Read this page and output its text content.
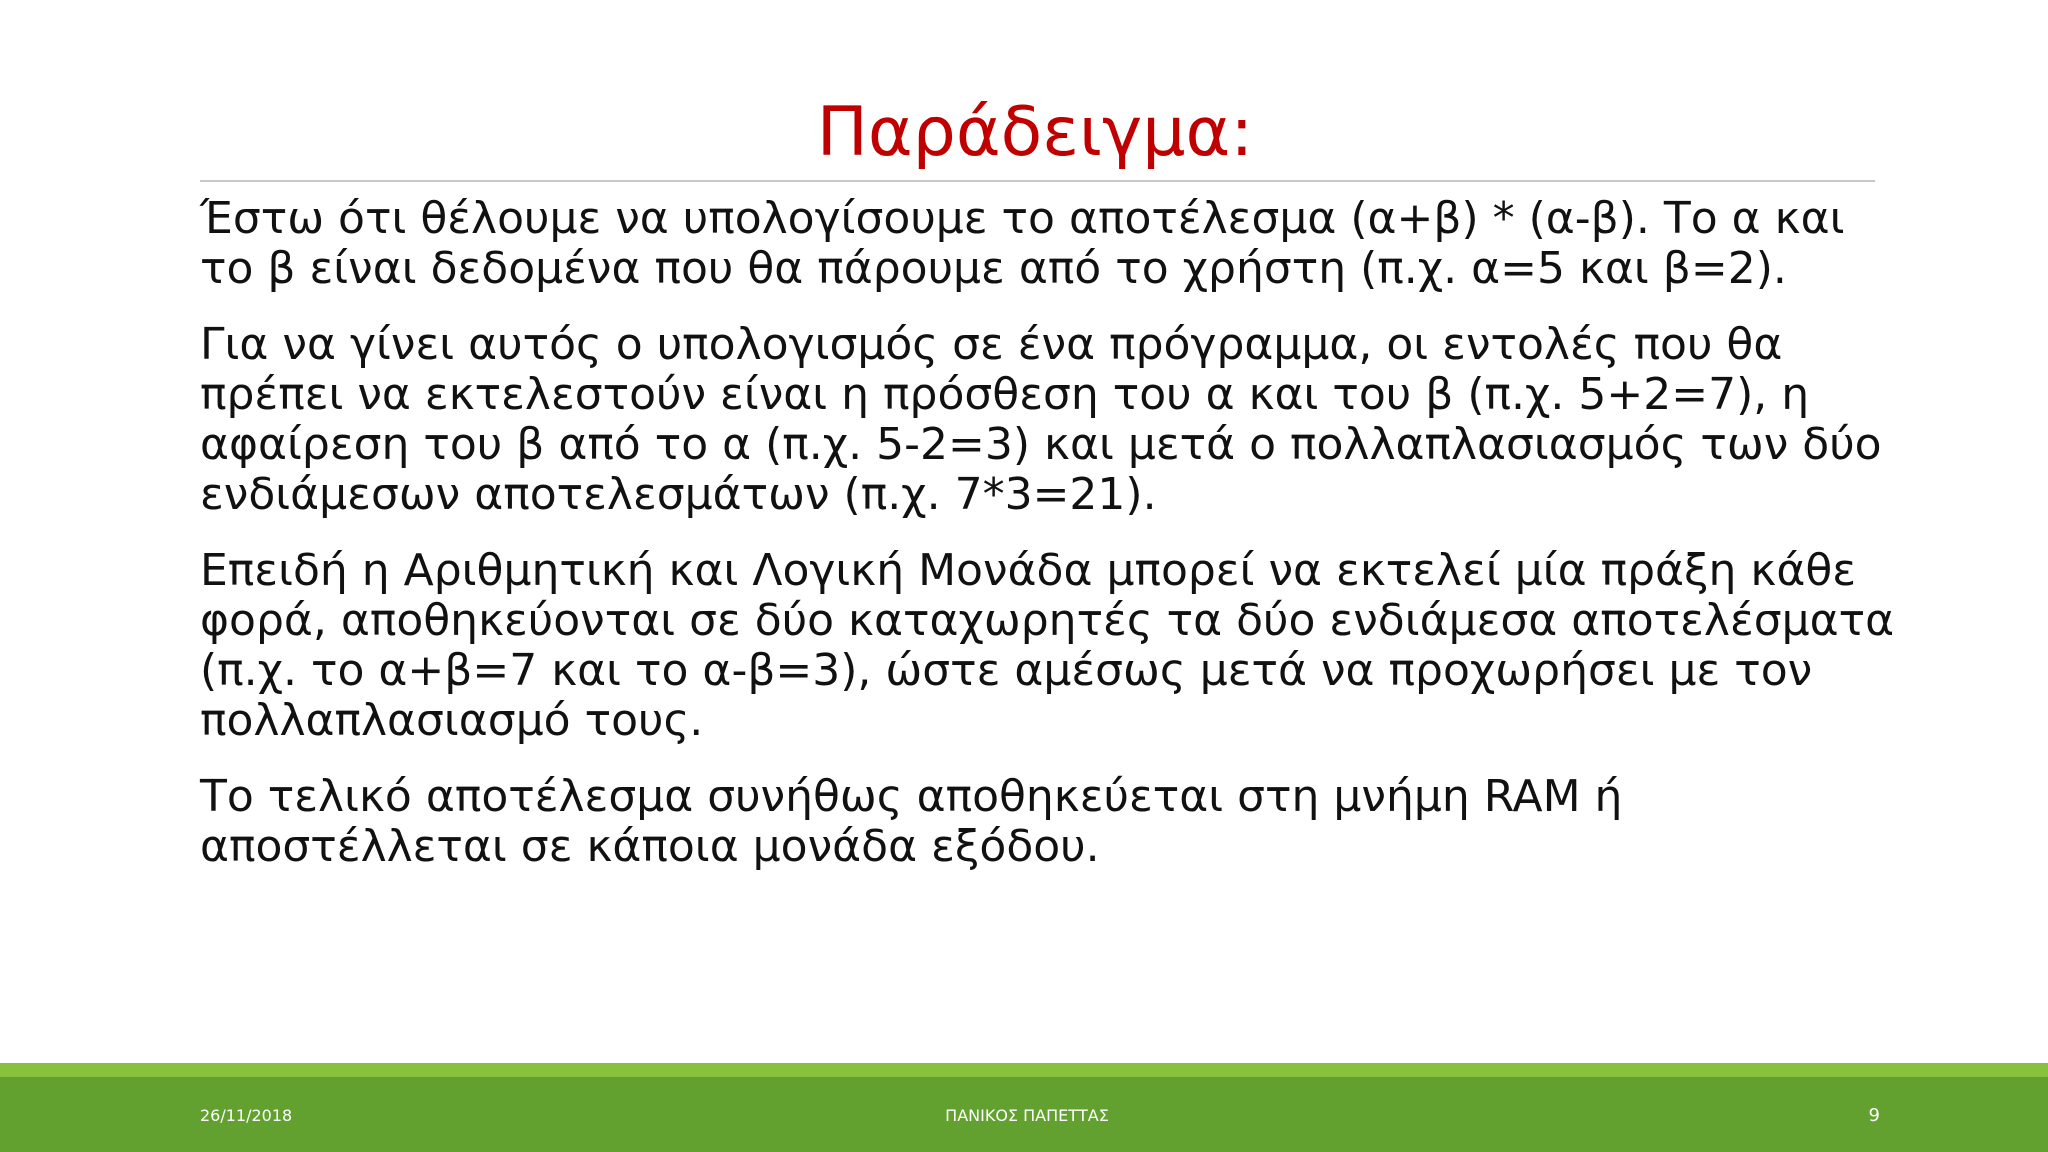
Παράδειγμα:

Έστω ότι θέλουμε να υπολογίσουμε το αποτέλεσμα (α+β) * (α-β). Το α και το β είναι δεδομένα που θα πάρουμε από το χρήστη (π.χ. α=5 και β=2).

Για να γίνει αυτός ο υπολογισμός σε ένα πρόγραμμα, οι εντολές που θα πρέπει να εκτελεστούν είναι η πρόσθεση του α και του β (π.χ. 5+2=7), η αφαίρεση του β από το α (π.χ. 5-2=3) και μετά ο πολλαπλασιασμός των δύο ενδιάμεσων αποτελεσμάτων (π.χ. 7*3=21).

Επειδή η Αριθμητική και Λογική Μονάδα μπορεί να εκτελεί μία πράξη κάθε φορά, αποθηκεύονται σε δύο καταχωρητές τα δύο ενδιάμεσα αποτελέσματα (π.χ. το α+β=7 και το α-β=3), ώστε αμέσως μετά να προχωρήσει με τον πολλαπλασιασμό τους.

Το τελικό αποτέλεσμα συνήθως αποθηκεύεται στη μνήμη RAM ή αποστέλλεται σε κάποια μονάδα εξόδου.

26/11/2018	ΠΑΝΙΚΟΣ ΠΑΠΕΤΤΑΣ	9
